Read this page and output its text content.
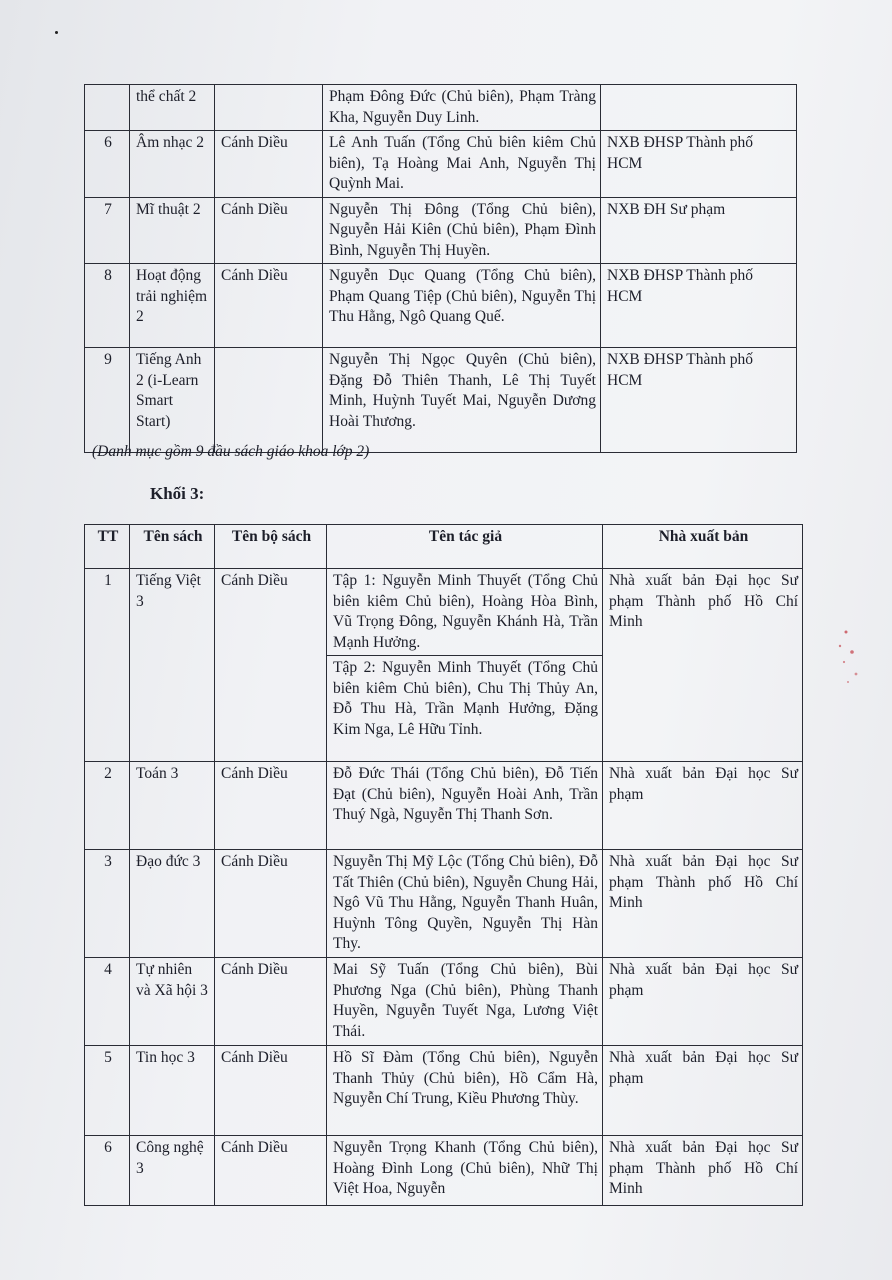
	thể chất 2		Phạm Đông Đức (Chủ biên), Phạm Tràng Kha, Nguyễn Duy Linh.	
6	Âm nhạc 2	Cánh Diều	Lê Anh Tuấn (Tổng Chủ biên kiêm Chủ biên), Tạ Hoàng Mai Anh, Nguyễn Thị Quỳnh Mai.	NXB ĐHSP Thành phố HCM
7	Mĩ thuật 2	Cánh Diều	Nguyễn Thị Đông (Tổng Chủ biên), Nguyễn Hải Kiên (Chủ biên), Phạm Đình Bình, Nguyễn Thị Huyền.	NXB ĐH Sư phạm
8	Hoạt động trải nghiệm 2	Cánh Diều	Nguyễn Dục Quang (Tổng Chủ biên), Phạm Quang Tiệp (Chủ biên), Nguyễn Thị Thu Hằng, Ngô Quang Quế.	NXB ĐHSP Thành phố HCM
9	Tiếng Anh 2 (i-Learn Smart Start)		Nguyễn Thị Ngọc Quyên (Chủ biên), Đặng Đỗ Thiên Thanh, Lê Thị Tuyết Minh, Huỳnh Tuyết Mai, Nguyễn Dương Hoài Thương.	NXB ĐHSP Thành phố HCM
(Danh mục gồm 9 đầu sách giáo khoa lớp 2)
Khối 3:
TT	Tên sách	Tên bộ sách	Tên tác giả	Nhà xuất bản
1	Tiếng Việt 3	Cánh Diều	Tập 1: Nguyễn Minh Thuyết (Tổng Chủ biên kiêm Chủ biên), Hoàng Hòa Bình, Vũ Trọng Đông, Nguyễn Khánh Hà, Trần Mạnh Hưởng.	Nhà xuất bản Đại học Sư phạm Thành phố Hồ Chí Minh
			Tập 2: Nguyễn Minh Thuyết (Tổng Chủ biên kiêm Chủ biên), Chu Thị Thủy An, Đỗ Thu Hà, Trần Mạnh Hưởng, Đặng Kim Nga, Lê Hữu Tỉnh.	
2	Toán 3	Cánh Diều	Đỗ Đức Thái (Tổng Chủ biên), Đỗ Tiến Đạt (Chủ biên), Nguyễn Hoài Anh, Trần Thuý Ngà, Nguyễn Thị Thanh Sơn.	Nhà xuất bản Đại học Sư phạm
3	Đạo đức 3	Cánh Diều	Nguyễn Thị Mỹ Lộc (Tổng Chủ biên), Đỗ Tất Thiên (Chủ biên), Nguyễn Chung Hải, Ngô Vũ Thu Hằng, Nguyễn Thanh Huân, Huỳnh Tông Quyền, Nguyễn Thị Hàn Thy.	Nhà xuất bản Đại học Sư phạm Thành phố Hồ Chí Minh
4	Tự nhiên và Xã hội 3	Cánh Diều	Mai Sỹ Tuấn (Tổng Chủ biên), Bùi Phương Nga (Chủ biên), Phùng Thanh Huyền, Nguyễn Tuyết Nga, Lương Việt Thái.	Nhà xuất bản Đại học Sư phạm
5	Tin học 3	Cánh Diều	Hồ Sĩ Đàm (Tổng Chủ biên), Nguyễn Thanh Thủy (Chủ biên), Hồ Cẩm Hà, Nguyễn Chí Trung, Kiều Phương Thùy.	Nhà xuất bản Đại học Sư phạm
6	Công nghệ 3	Cánh Diều	Nguyễn Trọng Khanh (Tổng Chủ biên), Hoàng Đình Long (Chủ biên), Nhữ Thị Việt Hoa, Nguyễn	Nhà xuất bản Đại học Sư phạm Thành phố Hồ Chí Minh
